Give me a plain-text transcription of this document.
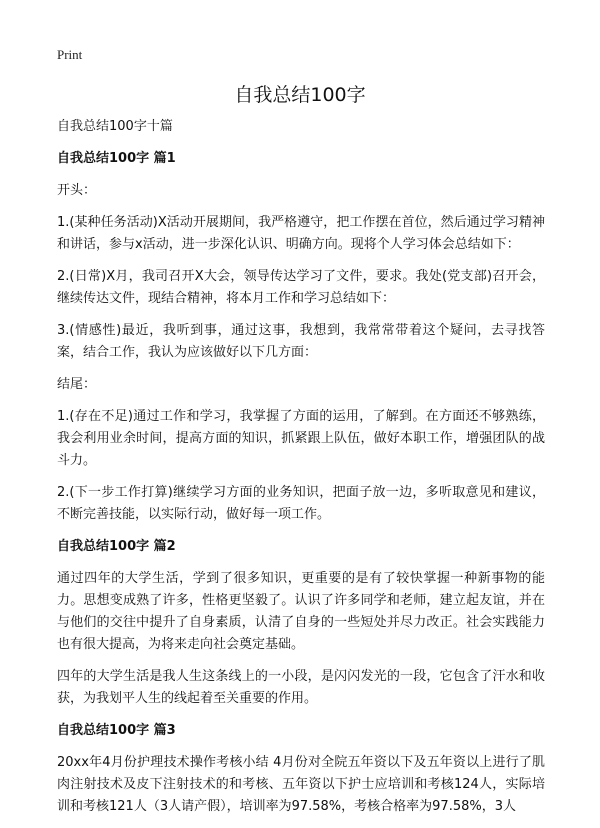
Print
自我总结100字

自我总结100字十篇

自我总结100字 篇1

开头：

1.(某种任务活动)X活动开展期间，我严格遵守，把工作摆在首位，然后通过学习精神和讲话，参与x活动，进一步深化认识、明确方向。现将个人学习体会总结如下：

2.(日常)X月，我司召开X大会，领导传达学习了文件，要求。我处(党支部)召开会，继续传达文件，现结合精神，将本月工作和学习总结如下：

3.(情感性)最近，我听到事，通过这事，我想到，我常常带着这个疑问，去寻找答案，结合工作，我认为应该做好以下几方面：

结尾：

1.(存在不足)通过工作和学习，我掌握了方面的运用，了解到。在方面还不够熟练，我会利用业余时间，提高方面的知识，抓紧跟上队伍，做好本职工作，增强团队的战斗力。

2.(下一步工作打算)继续学习方面的业务知识，把面子放一边，多听取意见和建议，不断完善技能，以实际行动，做好每一项工作。

自我总结100字 篇2

通过四年的大学生活，学到了很多知识，更重要的是有了较快掌握一种新事物的能力。思想变成熟了许多，性格更坚毅了。认识了许多同学和老师，建立起友谊，并在与他们的交往中提升了自身素质，认清了自身的一些短处并尽力改正。社会实践能力也有很大提高，为将来走向社会奠定基础。

四年的大学生活是我人生这条线上的一小段，是闪闪发光的一段，它包含了汗水和收获，为我划平人生的线起着至关重要的作用。

自我总结100字 篇3

20xx年4月份护理技术操作考核小结 4月份对全院五年资以下及五年资以上进行了肌肉注射技术及皮下注射技术的和考核、五年资以下护士应培训和考核124人，实际培训和考核121人（3人请产假），培训率为97.58%，考核合格率为97.58%，3人
